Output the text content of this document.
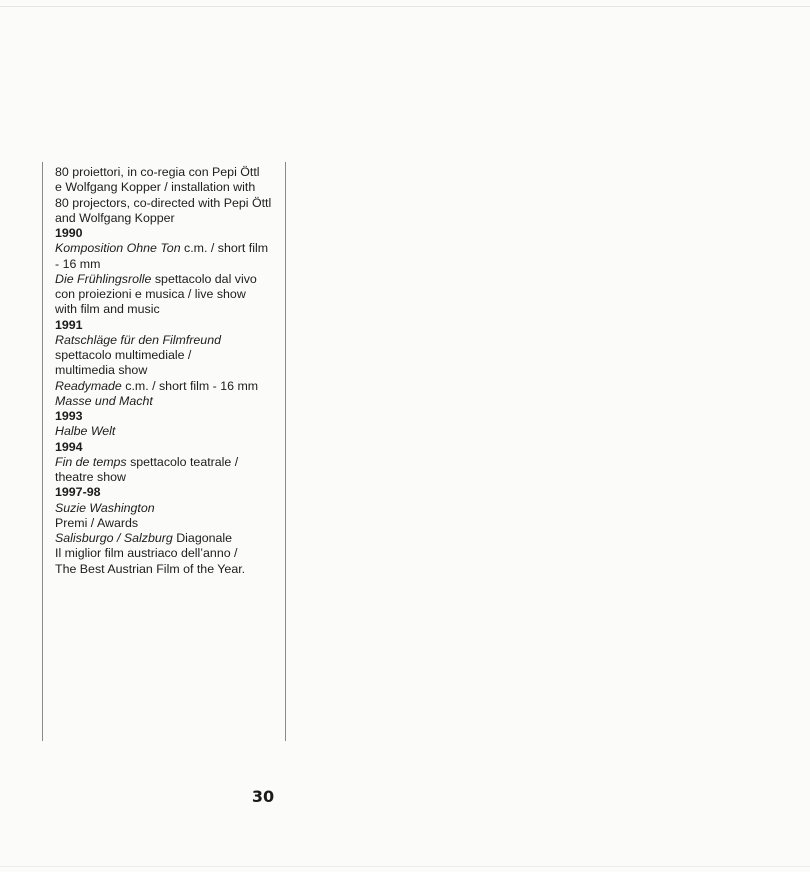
80 proiettori, in co-regia con Pepi Öttl
e Wolfgang Kopper / installation with
80 projectors, co-directed with Pepi Öttl
and Wolfgang Kopper
1990
Komposition Ohne Ton c.m. / short film
- 16 mm
Die Frühlingsrolle spettacolo dal vivo
con proiezioni e musica / live show
with film and music
1991
Ratschläge für den Filmfreund
spettacolo multimediale /
multimedia show
Readymade c.m. / short film - 16 mm
Masse und Macht
1993
Halbe Welt
1994
Fin de temps spettacolo teatrale /
theatre show
1997-98
Suzie Washington
Premi / Awards
Salisburgo / Salzburg Diagonale
Il miglior film austriaco dell’anno /
The Best Austrian Film of the Year.
30
